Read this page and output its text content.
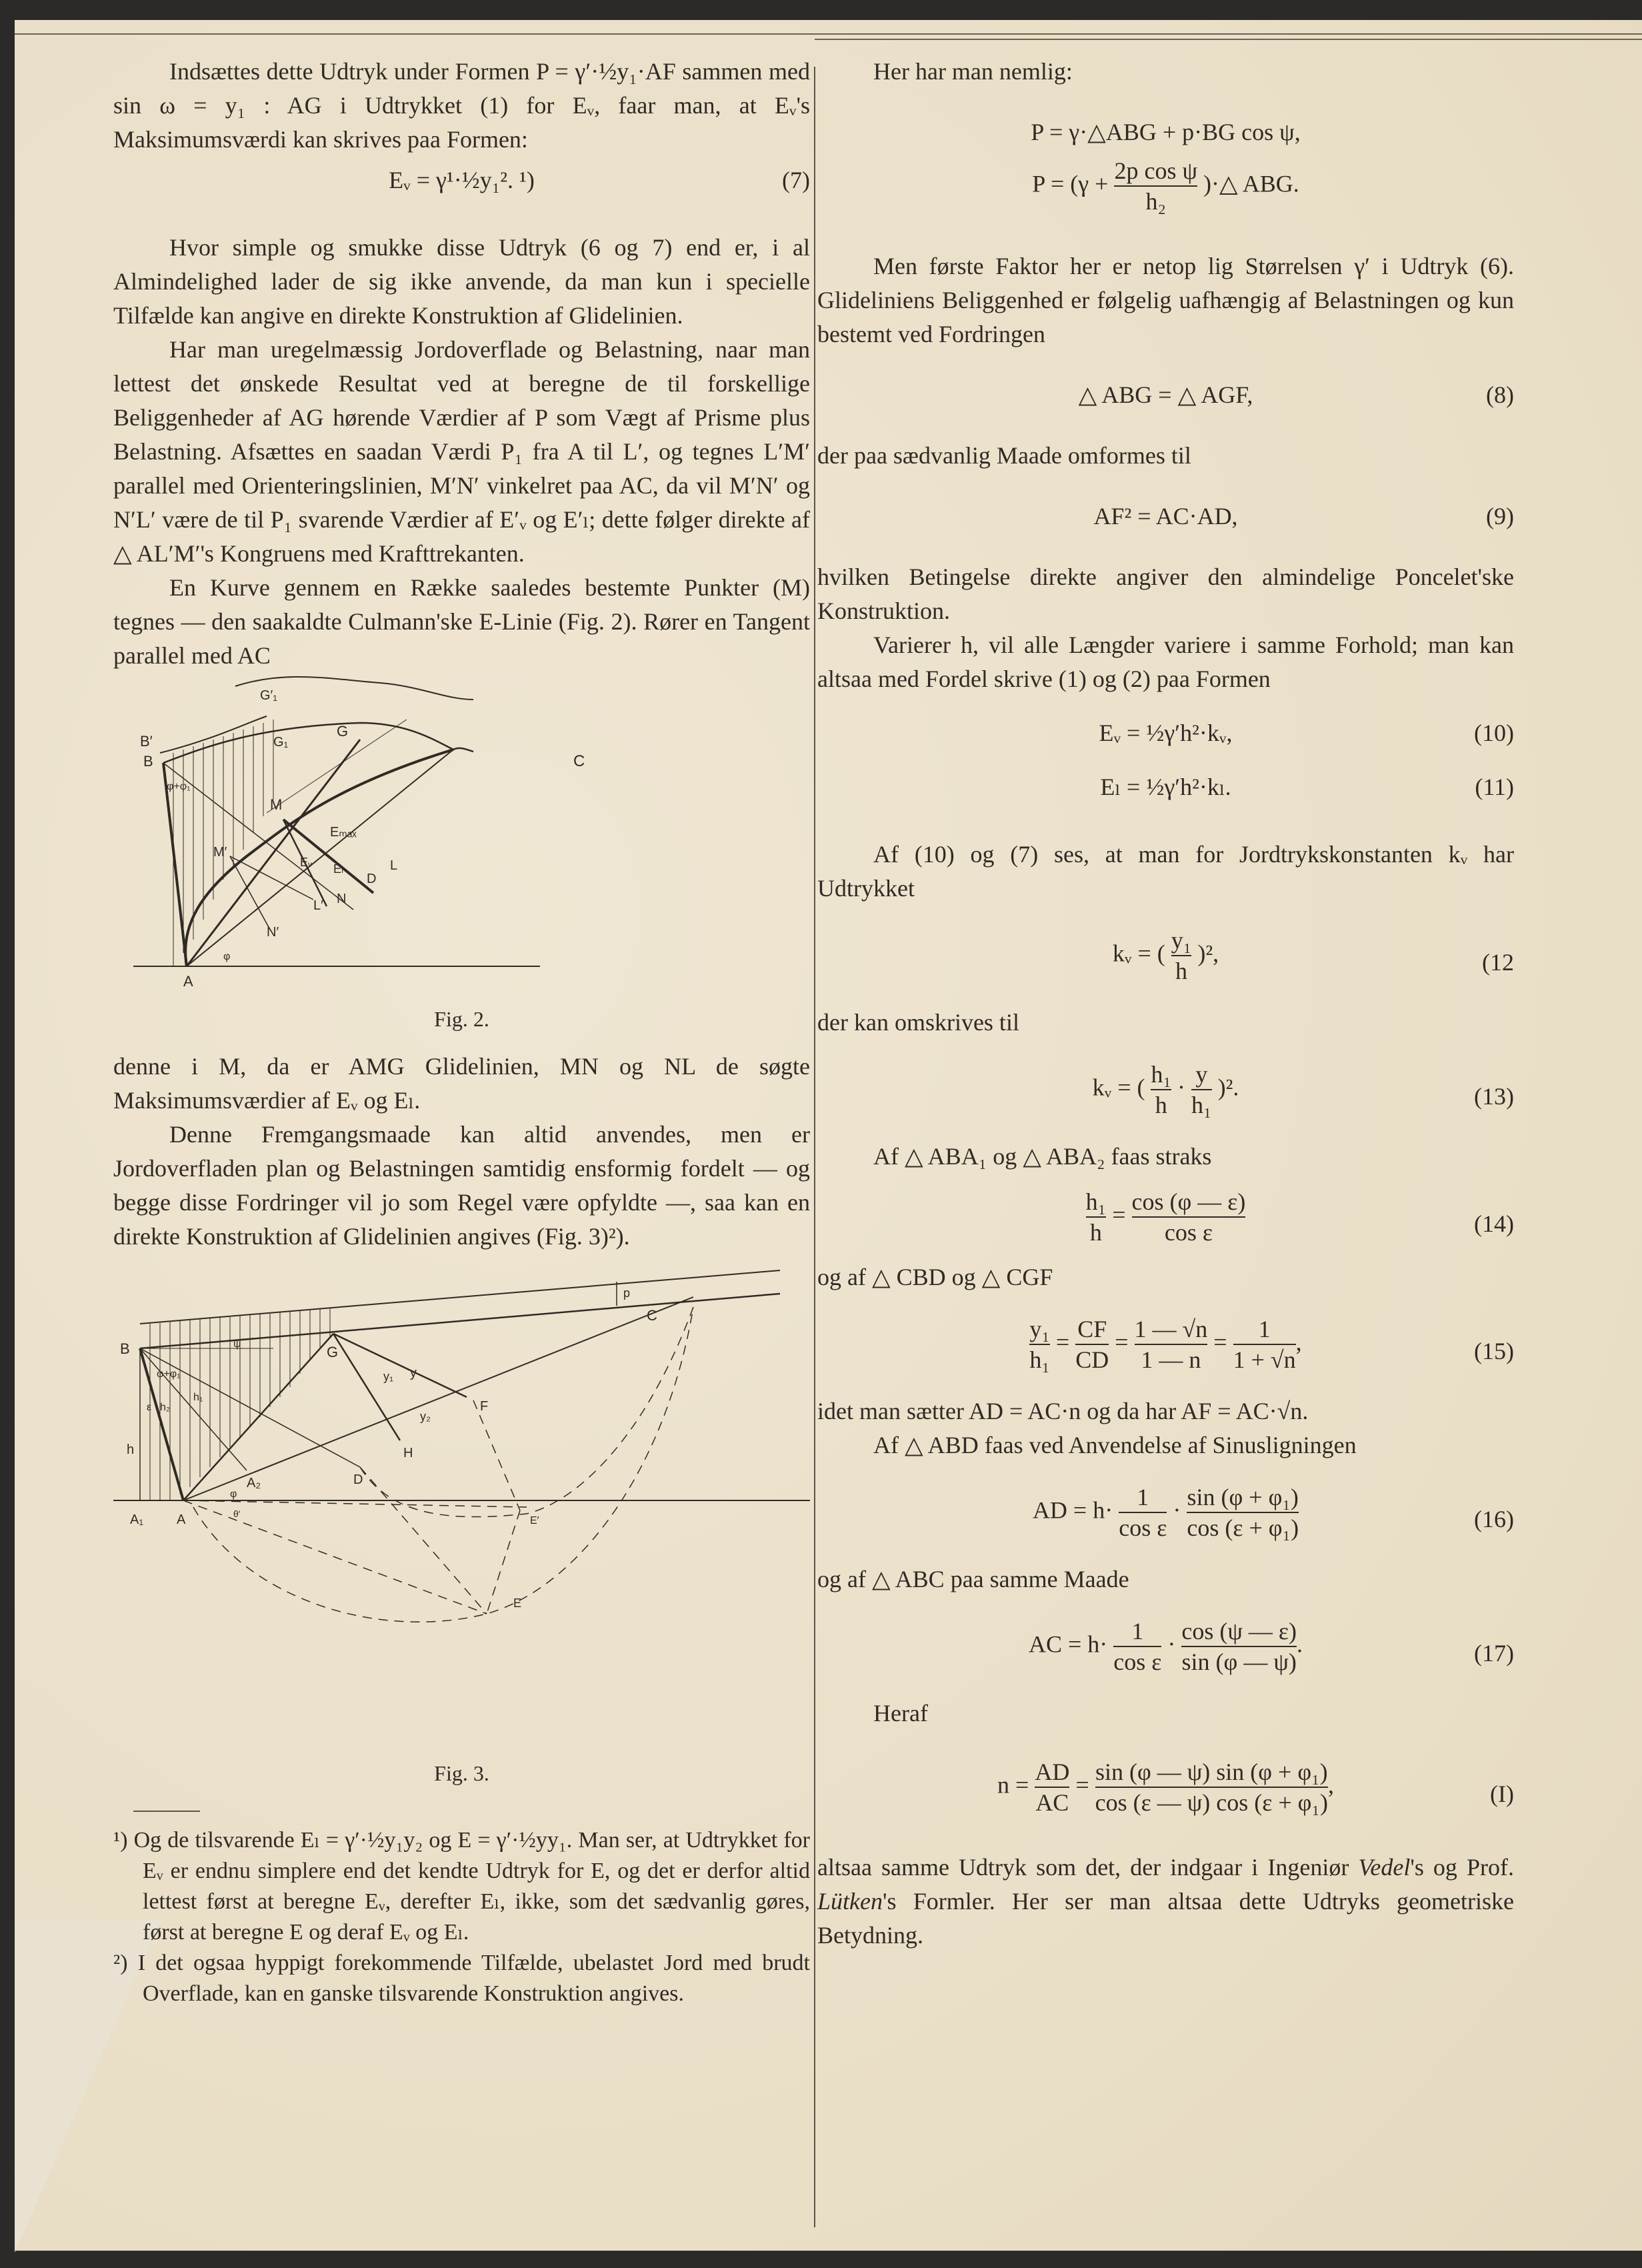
Indsættes dette Udtryk under Formen P = γ′·½y₁·AF sammen med sin ω = y₁ : AG i Udtrykket (1) for Eᵥ, faar man, at Eᵥ's Maksimumsværdi kan skrives paa Formen:

Eᵥ = γ¹·½y₁². ¹)	(7)

Hvor simple og smukke disse Udtryk (6 og 7) end er, i al Almindelighed lader de sig ikke anvende, da man kun i specielle Tilfælde kan angive en direkte Konstruktion af Glidelinien.

Har man uregelmæssig Jordoverflade og Belastning, naar man lettest det ønskede Resultat ved at beregne de til forskellige Beliggenheder af AG hørende Værdier af P som Vægt af Prisme plus Belastning. Afsættes en saadan Værdi P₁ fra A til L′, og tegnes L′M′ parallel med Orienteringslinien, M′N′ vinkelret paa AC, da vil M′N′ og N′L′ være de til P₁ svarende Værdier af E′ᵥ og E′ₗ; dette følger direkte af △ AL′M′'s Kongruens med Krafttrekanten.

En Kurve gennem en Række saaledes bestemte Punkter (M) tegnes — den saakaldte Culmann'ske E-Linie (Fig. 2). Rører en Tangent parallel med AC

B′
B
G′₁
G₁
G
C
M
M′
Eₘₐₓ
Eᵥ Eₗ
D
L
N
L′
N′
A
φ+φ₁
φ
Fig. 2.

denne i M, da er AMG Glidelinien, MN og NL de søgte Maksimumsværdier af Eᵥ og Eₗ.

Denne Fremgangsmaade kan altid anvendes, men er Jordoverfladen plan og Belastningen samtidig ensformig fordelt — og begge disse Fordringer vil jo som Regel være opfyldte —, saa kan en direkte Konstruktion af Glidelinien angives (Fig. 3)²).

p
B	G
C
F
H
D
y
y₁
y₂
ψ
φ+φ₁
ε h₂
h₁
h
A₂
A₁ A
φ
θ′
E′
E
Fig. 3.

¹) Og de tilsvarende Eₗ = γ′·½y₁y₂ og E = γ′·½yy₁. Man ser, at Udtrykket for Eᵥ er endnu simplere end det kendte Udtryk for E, og det er derfor altid lettest først at beregne Eᵥ, derefter Eₗ, ikke, som det sædvanlig gøres, først at beregne E og deraf Eᵥ og Eₗ.

²) I det ogsaa hyppigt forekommende Tilfælde, ubelastet Jord med brudt Overflade, kan en ganske tilsvarende Konstruktion angives.

Her har man nemlig:

P = γ·△ABG + p·BG cos ψ,
$P = (\gamma + \frac{\text{2p cos ψ}}{\text{h₂}}$ )·△ ABG.

Men første Faktor her er netop lig Størrelsen γ′ i Udtryk (6). Glideliniens Beliggenhed er følgelig uafhængig af Belastningen og kun bestemt ved Fordringen

△ ABG = △ AGF,	(8)

der paa sædvanlig Maade omformes til

AF² = AC·AD,	(9)

hvilken Betingelse direkte angiver den almindelige Poncelet'ske Konstruktion.

Varierer h, vil alle Længder variere i samme Forhold; man kan altsaa med Fordel skrive (1) og (2) paa Formen

Eᵥ = ½γ′h²·kᵥ,	(10)
Eₗ = ½γ′h²·kₗ.	(11)

Af (10) og (7) ses, at man for Jordtrykskonstanten kᵥ har Udtrykket

kᵥ = ( $\frac{\text{y₁}}{h} )^2$,	(12

der kan omskrives til

kᵥ = ( $\frac{\text{h₁}}{h} \cdot \frac{y}{\text{h₁}} )^2$.	(13)

Af △ ABA₁ og △ ABA₂ faas straks

$\frac{\text{h₁}}{h} = \frac{\cos (\varphi — \varepsilon)}{\text{cos ε}}$	(14)

og af △ CBD og △ CGF

$\frac{\text{y₁}}{\text{h₁}} = \frac{CF}{CD} = \frac{1 — √n}{1 — n} = \frac{1}{1 + √n}$ ,	(15)

idet man sætter AD = AC·n og da har AF = AC·√n.

Af △ ABD faas ved Anvendelse af Sinusligningen

AD = $h\cdot \frac{1}{\text{cos ε}} \cdot \frac{\text{sin (φ + φ₁)}}{\text{cos (ε + φ₁)}}$	(16)

og af △ ABC paa samme Maade

AC = $h\cdot \frac{1}{\text{cos ε}} \cdot \frac{\cos (\psi — \varepsilon)}{\sin (\varphi — \psi)}$ .	(17)

Heraf

$n = \frac{AD}{AC} = \frac{\text{sin (φ — ψ) sin (φ + φ₁)}}{\text{cos (ε — ψ) cos (ε + φ₁)}}$ ,	(I)

altsaa samme Udtryk som det, der indgaar i Ingeniør Vedel's og Prof. Lütken's Formler. Her ser man altsaa dette Udtryks geometriske Betydning.
